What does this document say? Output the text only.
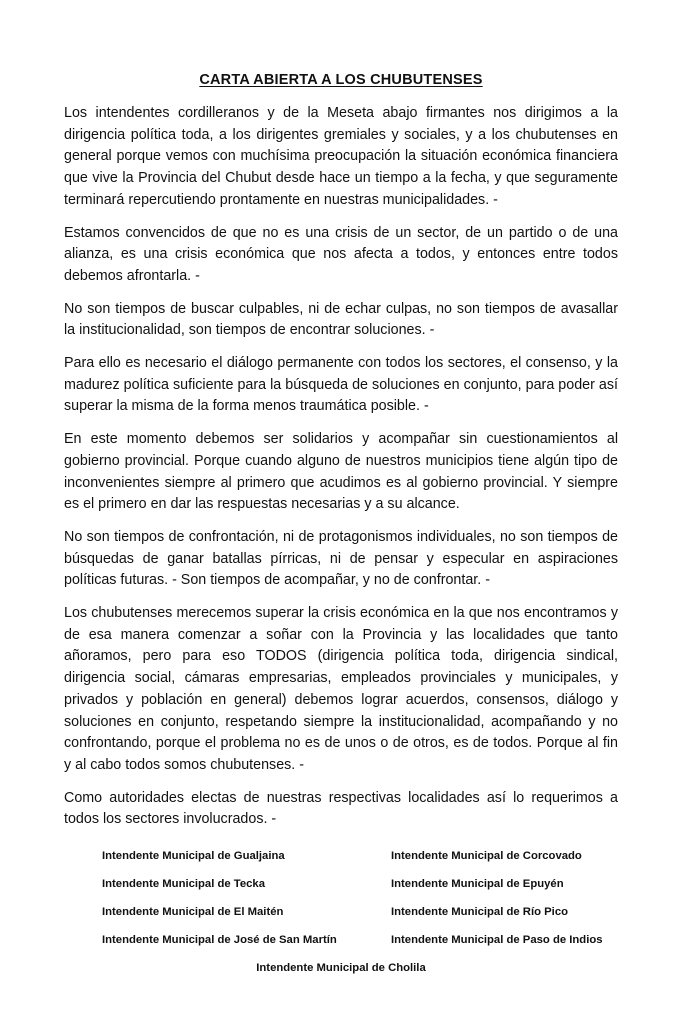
CARTA ABIERTA A LOS CHUBUTENSES

Los intendentes cordilleranos y de la Meseta abajo firmantes nos dirigimos a la dirigencia política toda, a los dirigentes gremiales y sociales, y a los chubutenses en general porque vemos con muchísima preocupación la situación económica financiera que vive la Provincia del Chubut desde hace un tiempo a la fecha, y que seguramente terminará repercutiendo prontamente en nuestras municipalidades. -

Estamos convencidos de que no es una crisis de un sector, de un partido o de una alianza, es una crisis económica que nos afecta a todos, y entonces entre todos debemos afrontarla. -

No son tiempos de buscar culpables, ni de echar culpas, no son tiempos de avasallar la institucionalidad, son tiempos de encontrar soluciones. -

Para ello es necesario el diálogo permanente con todos los sectores, el consenso, y la madurez política suficiente para la búsqueda de soluciones en conjunto, para poder así superar la misma de la forma menos traumática posible. -

En este momento debemos ser solidarios y acompañar sin cuestionamientos al gobierno provincial. Porque cuando alguno de nuestros municipios tiene algún tipo de inconvenientes siempre al primero que acudimos es al gobierno provincial. Y siempre es el primero en dar las respuestas necesarias y a su alcance.

No son tiempos de confrontación, ni de protagonismos individuales, no son tiempos de búsquedas de ganar batallas pírricas, ni de pensar y especular en aspiraciones políticas futuras. - Son tiempos de acompañar, y no de confrontar. -

Los chubutenses merecemos superar la crisis económica en la que nos encontramos y de esa manera comenzar a soñar con la Provincia y las localidades que tanto añoramos, pero para eso TODOS (dirigencia política toda, dirigencia sindical, dirigencia social, cámaras empresarias, empleados provinciales y municipales, y privados y población en general) debemos lograr acuerdos, consensos, diálogo y soluciones en conjunto, respetando siempre la institucionalidad, acompañando y no confrontando, porque el problema no es de unos o de otros, es de todos. Porque al fin y al cabo todos somos chubutenses. -

Como autoridades electas de nuestras respectivas localidades así lo requerimos a todos los sectores involucrados. -

Intendente Municipal de Gualjaina
Intendente Municipal de Tecka
Intendente Municipal de El Maitén
Intendente Municipal de José de San Martín
Intendente Municipal de Corcovado
Intendente Municipal de Epuyén
Intendente Municipal de Río Pico
Intendente Municipal de Paso de Indios
Intendente Municipal de Cholila
